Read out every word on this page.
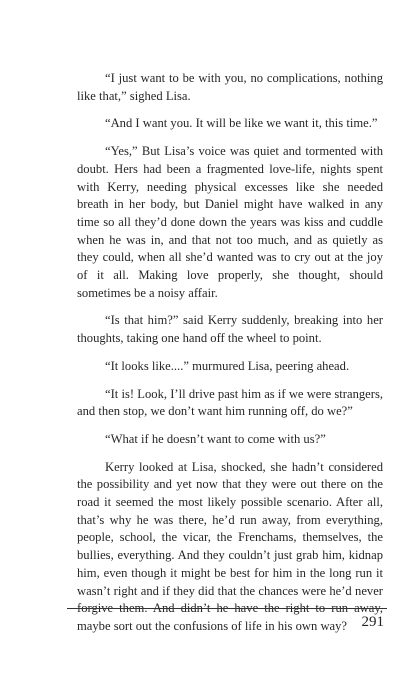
“I just want to be with you, no complications, nothing like that,” sighed Lisa.

“And I want you. It will be like we want it, this time.”

“Yes,” But Lisa’s voice was quiet and tormented with doubt. Hers had been a fragmented love-life, nights spent with Kerry, needing physical excesses like she needed breath in her body, but Daniel might have walked in any time so all they’d done down the years was kiss and cuddle when he was in, and that not too much, and as quietly as they could, when all she’d wanted was to cry out at the joy of it all. Making love properly, she thought, should sometimes be a noisy affair.

“Is that him?” said Kerry suddenly, breaking into her thoughts, taking one hand off the wheel to point.

“It looks like....” murmured Lisa, peering ahead.

“It is! Look, I’ll drive past him as if we were strangers, and then stop, we don’t want him running off, do we?”

“What if he doesn’t want to come with us?”

Kerry looked at Lisa, shocked, she hadn’t considered the possibility and yet now that they were out there on the road it seemed the most likely possible scenario. After all, that’s why he was there, he’d run away, from everything, people, school, the vicar, the Frenchams, themselves, the bullies, everything. And they couldn’t just grab him, kidnap him, even though it might be best for him in the long run it wasn’t right and if they did that the chances were he’d never forgive them. And didn’t he have the right to run away, maybe sort out the confusions of life in his own way? 291
